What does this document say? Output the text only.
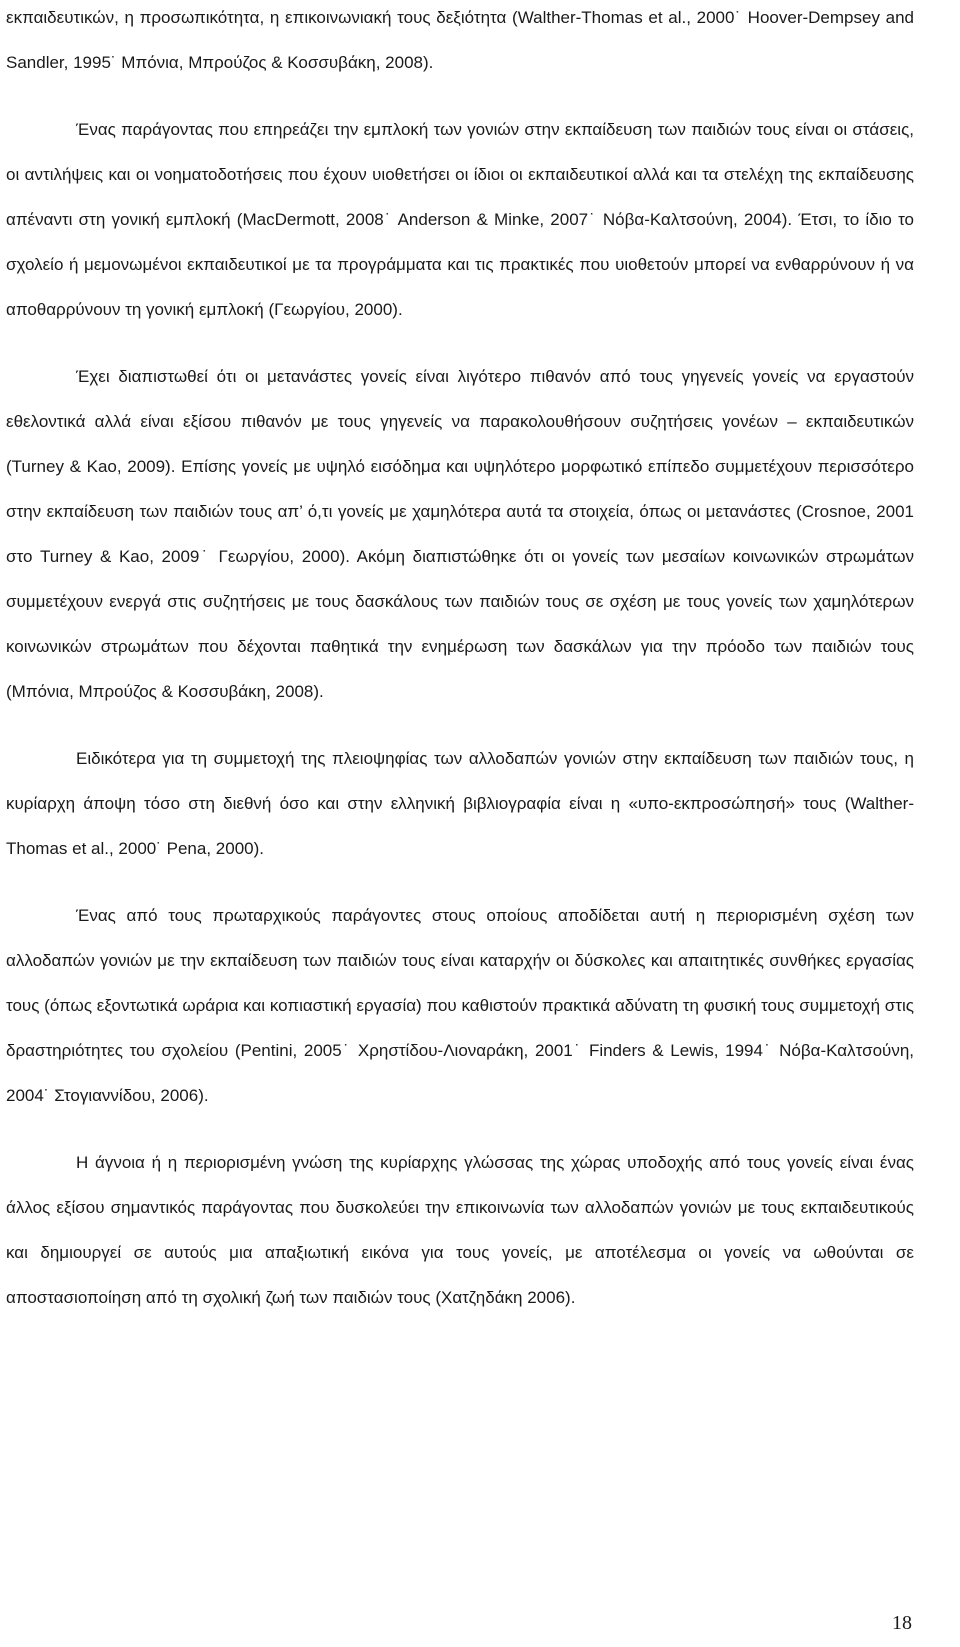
εκπαιδευτικών, η προσωπικότητα, η επικοινωνιακή τους δεξιότητα (Walther-Thomas et al., 2000˙ Hoover-Dempsey and Sandler, 1995˙ Μπόνια, Μπρούζος & Κοσσυβάκη, 2008).

Ένας παράγοντας που επηρεάζει την εμπλοκή των γονιών στην εκπαίδευση των παιδιών τους είναι οι στάσεις, οι αντιλήψεις και οι νοηματοδοτήσεις που έχουν υιοθετήσει οι ίδιοι οι εκπαιδευτικοί αλλά και τα στελέχη της εκπαίδευσης απέναντι στη γονική εμπλοκή (MacDermott, 2008˙ Anderson & Minke, 2007˙ Νόβα-Καλτσούνη, 2004). Έτσι, το ίδιο το σχολείο ή μεμονωμένοι εκπαιδευτικοί με τα προγράμματα και τις πρακτικές που υιοθετούν μπορεί να ενθαρρύνουν ή να αποθαρρύνουν τη γονική εμπλοκή (Γεωργίου, 2000).

Έχει διαπιστωθεί ότι οι μετανάστες γονείς είναι λιγότερο πιθανόν από τους γηγενείς γονείς να εργαστούν εθελοντικά αλλά είναι εξίσου πιθανόν με τους γηγενείς να παρακολουθήσουν συζητήσεις γονέων – εκπαιδευτικών (Turney & Kao, 2009). Επίσης γονείς με υψηλό εισόδημα και υψηλότερο μορφωτικό επίπεδο συμμετέχουν περισσότερο στην εκπαίδευση των παιδιών τους απ’ ό,τι γονείς με χαμηλότερα αυτά τα στοιχεία, όπως οι μετανάστες (Crosnoe, 2001 στο Turney & Kao, 2009˙ Γεωργίου, 2000). Ακόμη διαπιστώθηκε ότι οι γονείς των μεσαίων κοινωνικών στρωμάτων συμμετέχουν ενεργά στις συζητήσεις με τους δασκάλους των παιδιών τους σε σχέση με τους γονείς των χαμηλότερων κοινωνικών στρωμάτων που δέχονται παθητικά την ενημέρωση των δασκάλων για την πρόοδο των παιδιών τους (Μπόνια, Μπρούζος & Κοσσυβάκη, 2008).

Ειδικότερα για τη συμμετοχή της πλειοψηφίας των αλλοδαπών γονιών στην εκπαίδευση των παιδιών τους, η κυρίαρχη άποψη τόσο στη διεθνή όσο και στην ελληνική βιβλιογραφία είναι η «υπο-εκπροσώπησή» τους (Walther-Thomas et al., 2000˙ Pena, 2000).

Ένας από τους πρωταρχικούς παράγοντες στους οποίους αποδίδεται αυτή η περιορισμένη σχέση των αλλοδαπών γονιών με την εκπαίδευση των παιδιών τους είναι καταρχήν οι δύσκολες και απαιτητικές συνθήκες εργασίας τους (όπως εξοντωτικά ωράρια και κοπιαστική εργασία) που καθιστούν πρακτικά αδύνατη τη φυσική τους συμμετοχή στις δραστηριότητες του σχολείου (Pentini, 2005˙ Χρηστίδου-Λιοναράκη, 2001˙ Finders & Lewis, 1994˙ Νόβα-Καλτσούνη, 2004˙ Στογιαννίδου, 2006).

Η άγνοια ή η περιορισμένη γνώση της κυρίαρχης γλώσσας της χώρας υποδοχής από τους γονείς είναι ένας άλλος εξίσου σημαντικός παράγοντας που δυσκολεύει την επικοινωνία των αλλοδαπών γονιών με τους εκπαιδευτικούς και δημιουργεί σε αυτούς μια απαξιωτική εικόνα για τους γονείς, με αποτέλεσμα οι γονείς να ωθούνται σε αποστασιοποίηση από τη σχολική ζωή των παιδιών τους (Χατζηδάκη 2006).

18
